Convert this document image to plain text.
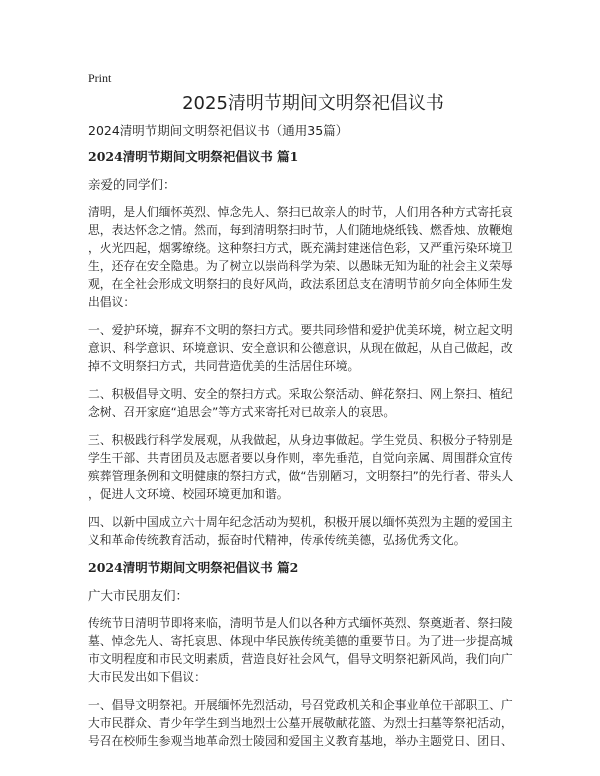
Print
2025清明节期间文明祭祀倡议书
2024清明节期间文明祭祀倡议书（通用35篇）
2024清明节期间文明祭祀倡议书 篇1
亲爱的同学们：
清明，是人们缅怀英烈、悼念先人、祭扫已故亲人的时节，人们用各种方式寄托哀
思，表达怀念之情。然而，每到清明祭扫时节，人们随地烧纸钱、燃香烛、放鞭炮
，火光四起，烟雾缭绕。这种祭扫方式，既充满封建迷信色彩，又严重污染环境卫
生，还存在安全隐患。为了树立以崇尚科学为荣、以愚昧无知为耻的社会主义荣辱
观，在全社会形成文明祭扫的良好风尚，政法系团总支在清明节前夕向全体师生发
出倡议：
一、爱护环境，摒弃不文明的祭扫方式。要共同珍惜和爱护优美环境，树立起文明
意识、科学意识、环境意识、安全意识和公德意识，从现在做起，从自己做起，改
掉不文明祭扫方式，共同营造优美的生活居住环境。
二、积极倡导文明、安全的祭扫方式。采取公祭活动、鲜花祭扫、网上祭扫、植纪
念树、召开家庭“追思会”等方式来寄托对已故亲人的哀思。
三、积极践行科学发展观，从我做起，从身边事做起。学生党员、积极分子特别是
学生干部、共青团员及志愿者要以身作则，率先垂范，自觉向亲属、周围群众宣传
殡葬管理条例和文明健康的祭扫方式，做“告别陋习，文明祭扫”的先行者、带头人
，促进人文环境、校园环境更加和谐。
四、以新中国成立六十周年纪念活动为契机，积极开展以缅怀英烈为主题的爱国主
义和革命传统教育活动，振奋时代精神，传承传统美德，弘扬优秀文化。
2024清明节期间文明祭祀倡议书 篇2
广大市民朋友们：
传统节日清明节即将来临，清明节是人们以各种方式缅怀英烈、祭奠逝者、祭扫陵
墓、悼念先人、寄托哀思、体现中华民族传统美德的重要节日。为了进一步提高城
市文明程度和市民文明素质，营造良好社会风气，倡导文明祭祀新风尚，我们向广
大市民发出如下倡议：
一、倡导文明祭祀。开展缅怀先烈活动，号召党政机关和企事业单位干部职工、广
大市民群众、青少年学生到当地烈士公墓开展敬献花篮、为烈士扫墓等祭祀活动，
号召在校师生参观当地革命烈士陵园和爱国主义教育基地，举办主题党日、团日、
